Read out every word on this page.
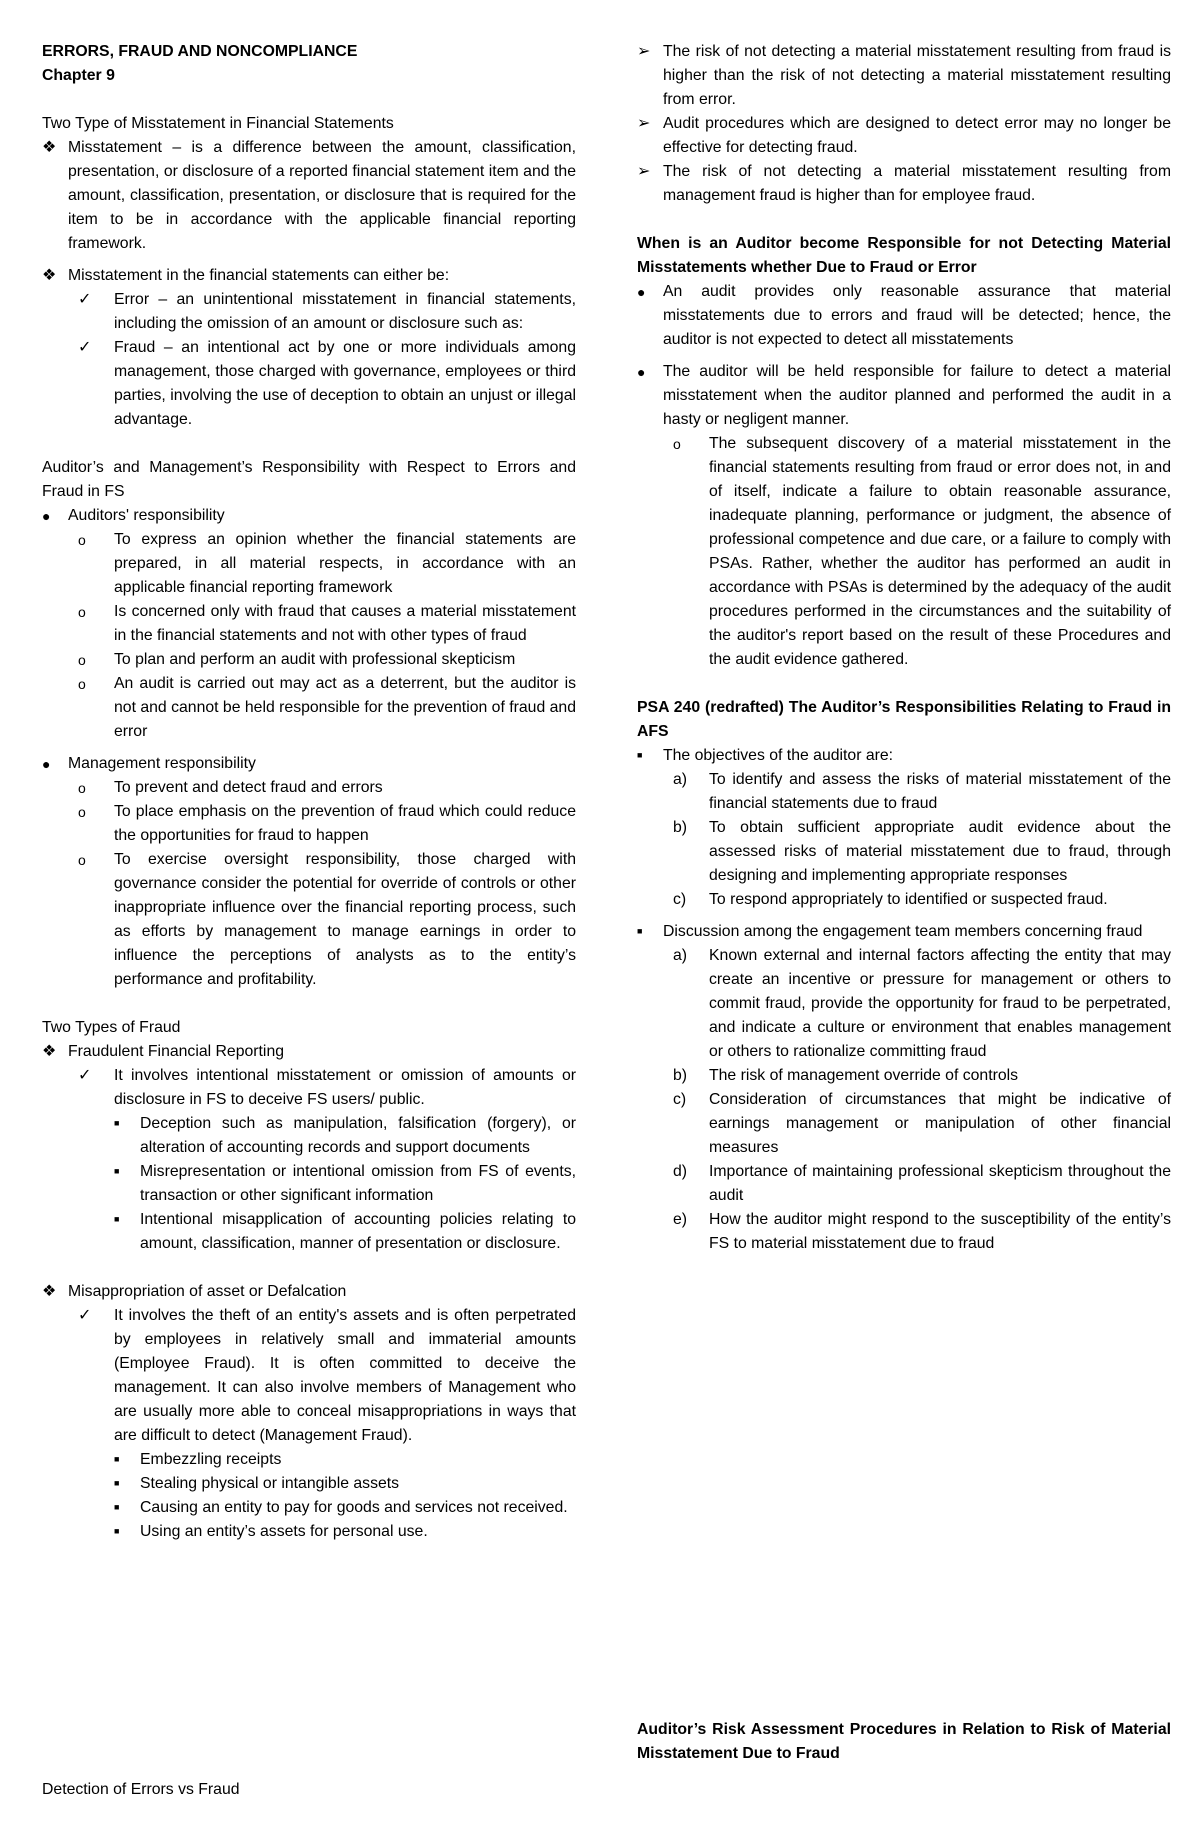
ERRORS, FRAUD AND NONCOMPLIANCE

Chapter 9

Two Type of Misstatement in Financial Statements

❖ Misstatement – is a difference between the amount, classification, presentation, or disclosure of a reported financial statement item and the amount, classification, presentation, or disclosure that is required for the item to be in accordance with the applicable financial reporting framework.
❖ Misstatement in the financial statements can either be:
✓	Error – an unintentional misstatement in financial statements, including the omission of an amount or disclosure such as:
✓	Fraud – an intentional act by one or more individuals among management, those charged with governance, employees or third parties, involving the use of deception to obtain an unjust or illegal advantage.

Auditor’s and Management’s Responsibility with Respect to Errors and Fraud in FS

●	Auditors' responsibility
o	To express an opinion whether the financial statements are prepared, in all material respects, in accordance with an applicable financial reporting framework
o	Is concerned only with fraud that causes a material misstatement in the financial statements and not with other types of fraud
o	To plan and perform an audit with professional skepticism
o	An audit is carried out may act as a deterrent, but the auditor is not and cannot be held responsible for the prevention of fraud and error
●	Management responsibility
o	To prevent and detect fraud and errors
o	To place emphasis on the prevention of fraud which could reduce the opportunities for fraud to happen
o	To exercise oversight responsibility, those charged with governance consider the potential for override of controls or other inappropriate influence over the financial reporting process, such as efforts by management to manage earnings in order to influence the perceptions of analysts as to the entity’s performance and profitability.

Two Types of Fraud

❖ Fraudulent Financial Reporting
✓	It involves intentional misstatement or omission of amounts or disclosure in FS to deceive FS users/ public.
■	Deception such as manipulation, falsification (forgery), or alteration of accounting records and support documents
■	Misrepresentation or intentional omission from FS of events, transaction or other significant information
■	Intentional misapplication of accounting policies relating to amount, classification, manner of presentation or disclosure.
❖ Misappropriation of asset or Defalcation
✓	It involves the theft of an entity's assets and is often perpetrated by employees in relatively small and immaterial amounts (Employee Fraud). It is often committed to deceive the management. It can also involve members of Management who are usually more able to conceal misappropriations in ways that are difficult to detect (Management Fraud).
■	Embezzling receipts
■	Stealing physical or intangible assets
■	Causing an entity to pay for goods and services not received.
■	Using an entity’s assets for personal use.

Detection of Errors vs Fraud

➢ The risk of not detecting a material misstatement resulting from fraud is higher than the risk of not detecting a material misstatement resulting from error.
➢ Audit procedures which are designed to detect error may no longer be effective for detecting fraud.
➢ The risk of not detecting a material misstatement resulting from management fraud is higher than for employee fraud.

When is an Auditor become Responsible for not Detecting Material Misstatements whether Due to Fraud or Error

●	An audit provides only reasonable assurance that material misstatements due to errors and fraud will be detected; hence, the auditor is not expected to detect all misstatements
●	The auditor will be held responsible for failure to detect a material misstatement when the auditor planned and performed the audit in a hasty or negligent manner.
o	The subsequent discovery of a material misstatement in the financial statements resulting from fraud or error does not, in and of itself, indicate a failure to obtain reasonable assurance, inadequate planning, performance or judgment, the absence of professional competence and due care, or a failure to comply with PSAs. Rather, whether the auditor has performed an audit in accordance with PSAs is determined by the adequacy of the audit procedures performed in the circumstances and the suitability of the auditor's report based on the result of these Procedures and the audit evidence gathered.

PSA 240 (redrafted) The Auditor’s Responsibilities Relating to Fraud in AFS

■	The objectives of the auditor are:
a)	To identify and assess the risks of material misstatement of the financial statements due to fraud
b)	To obtain sufficient appropriate audit evidence about the assessed risks of material misstatement due to fraud, through designing and implementing appropriate responses
c)	To respond appropriately to identified or suspected fraud.
■	Discussion among the engagement team members concerning fraud
a)	Known external and internal factors affecting the entity that may create an incentive or pressure for management or others to commit fraud, provide the opportunity for fraud to be perpetrated, and indicate a culture or environment that enables management or others to rationalize committing fraud
b)	The risk of management override of controls
c)	Consideration of circumstances that might be indicative of earnings management or manipulation of other financial measures
d)	Importance of maintaining professional skepticism throughout the audit
e)	How the auditor might respond to the susceptibility of the entity’s FS to material misstatement due to fraud

Auditor’s Risk Assessment Procedures in Relation to Risk of Material Misstatement Due to Fraud
